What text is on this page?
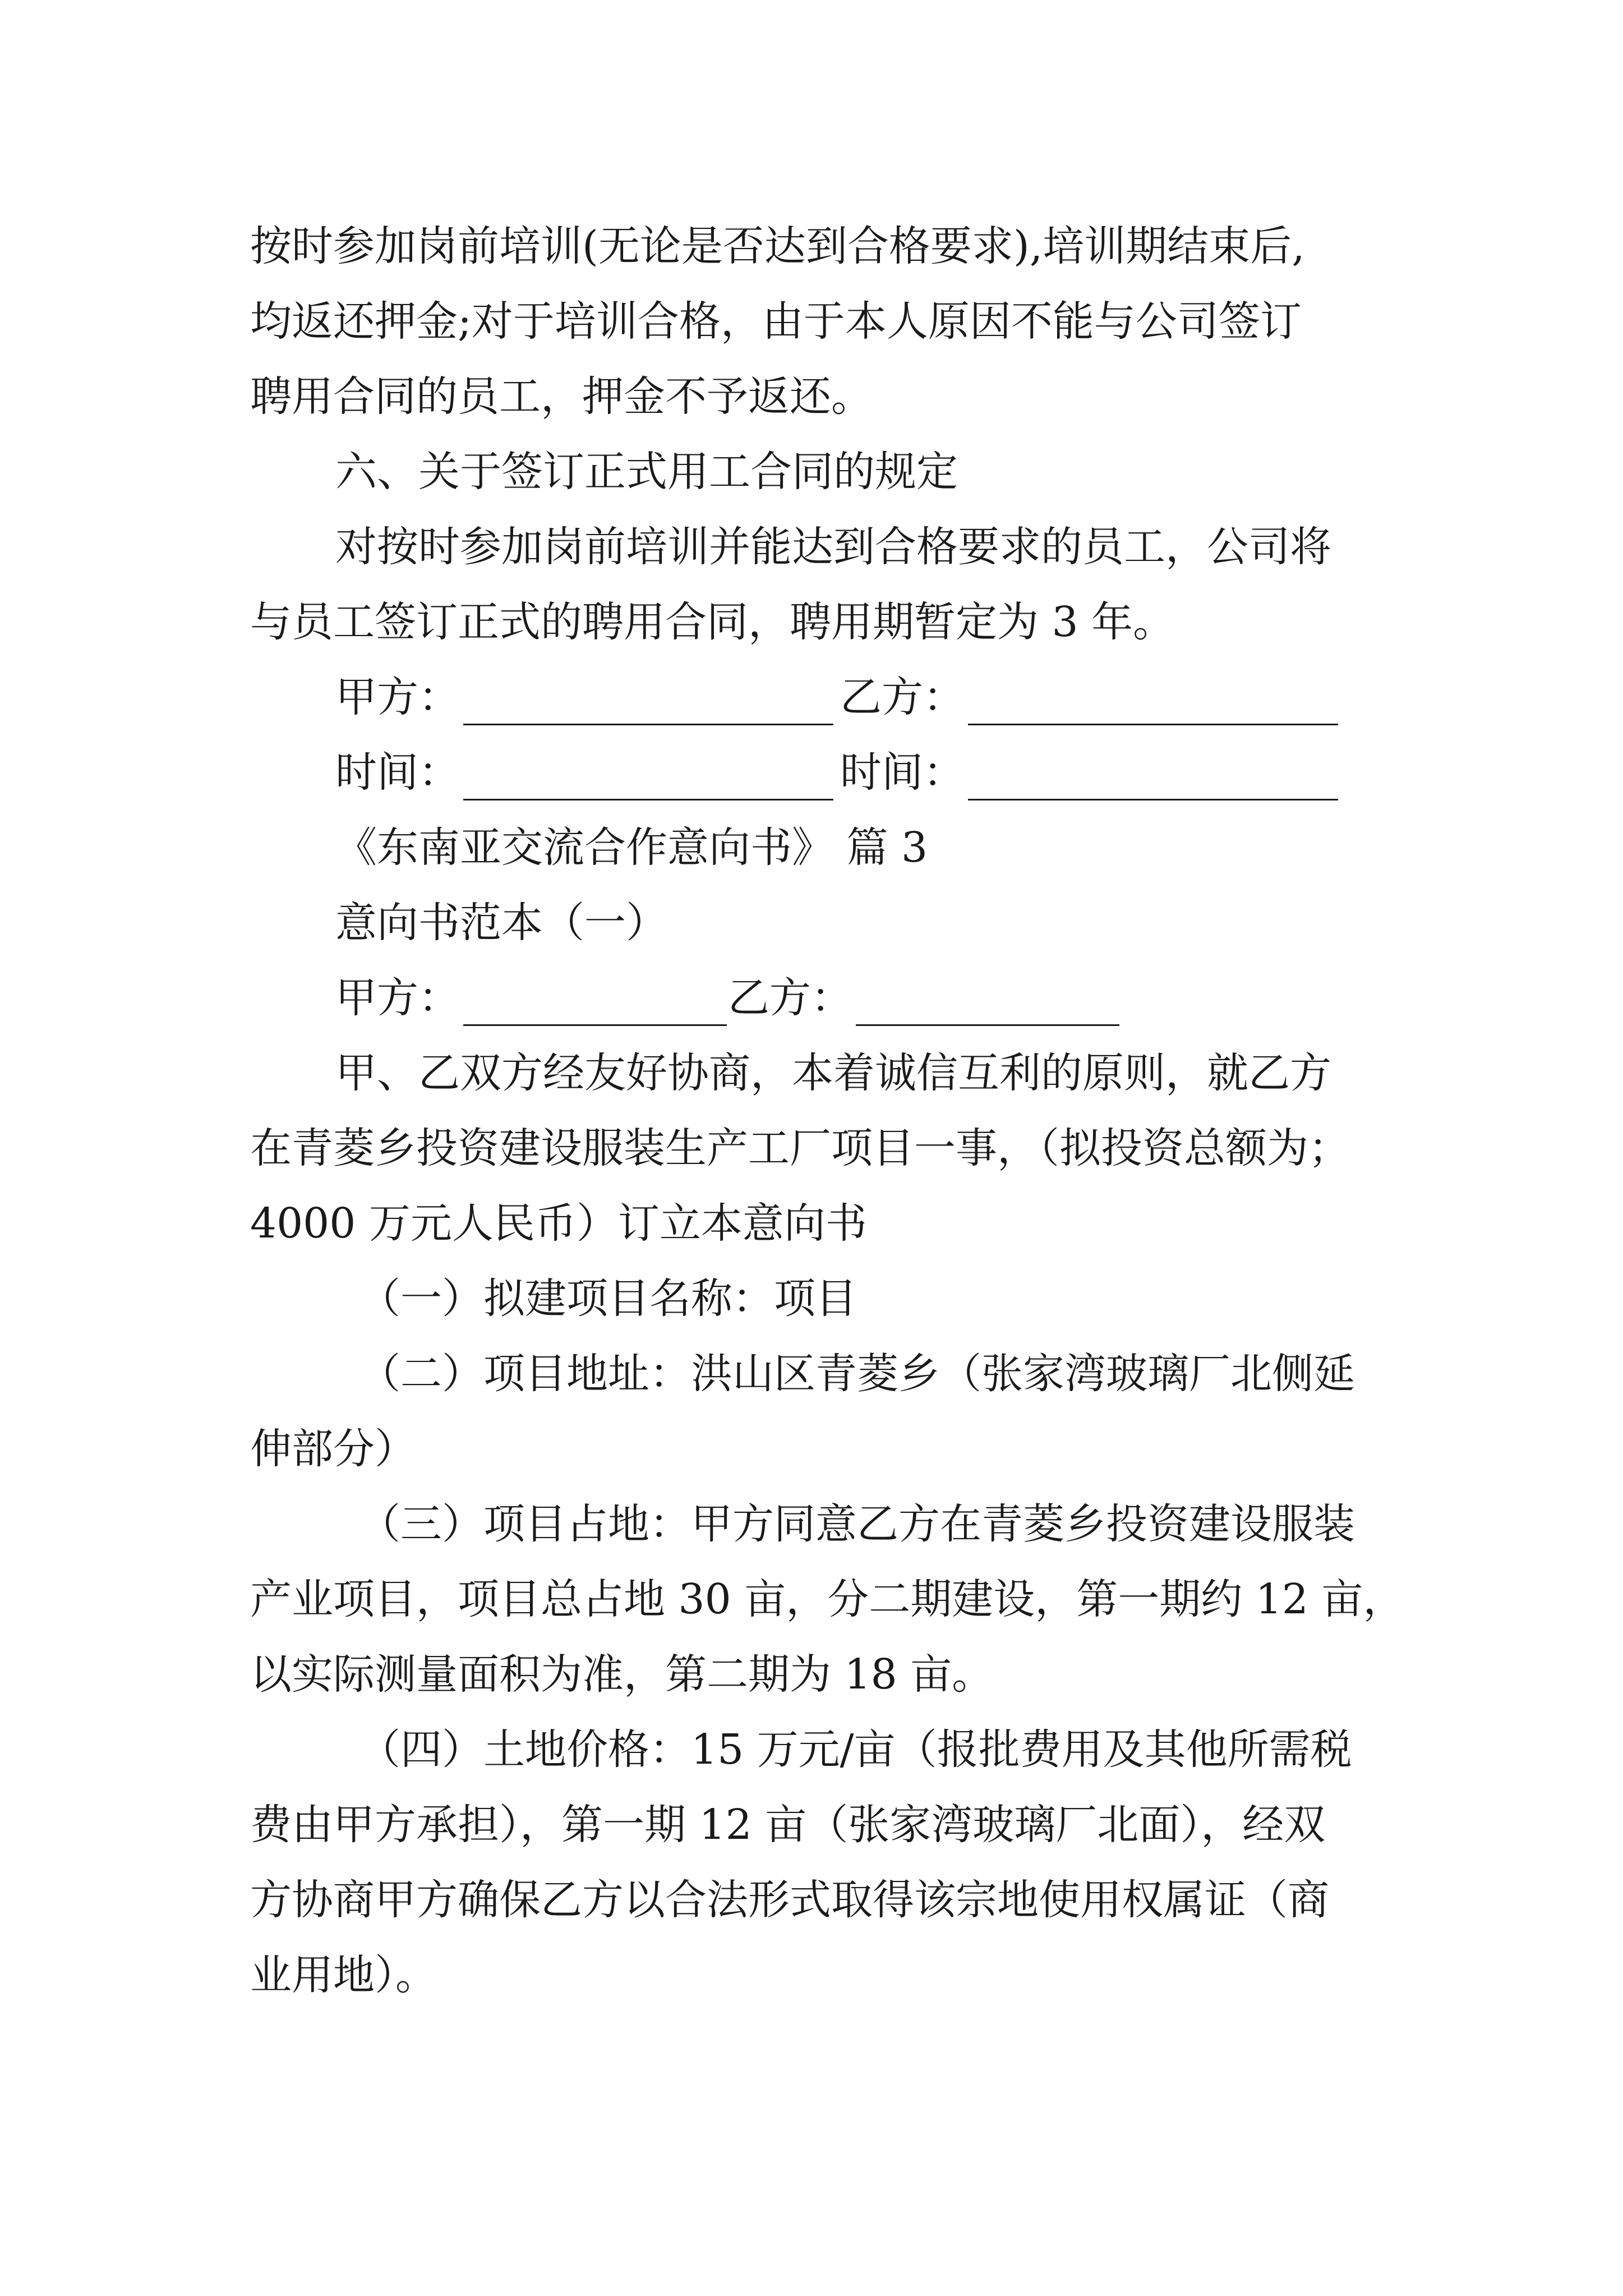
按时参加岗前培训(无论是否达到合格要求),培训期结束后,
均返还押金;对于培训合格，由于本人原因不能与公司签订
聘用合同的员工，押金不予返还。
六、关于签订正式用工合同的规定
对按时参加岗前培训并能达到合格要求的员工，公司将
与员工签订正式的聘用合同，聘用期暂定为 3 年。
甲方：	乙方：
时间：	时间：
《东南亚交流合作意向书》 篇 3
意向书范本（一）
甲方：	乙方：
甲、乙双方经友好协商，本着诚信互利的原则，就乙方
在青菱乡投资建设服装生产工厂项目一事，（拟投资总额为；
4000 万元人民币）订立本意向书
（一）拟建项目名称：项目
（二）项目地址：洪山区青菱乡（张家湾玻璃厂北侧延
伸部分）
（三）项目占地：甲方同意乙方在青菱乡投资建设服装
产业项目，项目总占地 30 亩，分二期建设，第一期约 12 亩，
以实际测量面积为准，第二期为 18 亩。
（四）土地价格：15 万元/亩（报批费用及其他所需税
费由甲方承担），第一期 12 亩（张家湾玻璃厂北面），经双
方协商甲方确保乙方以合法形式取得该宗地使用权属证（商
业用地）。
